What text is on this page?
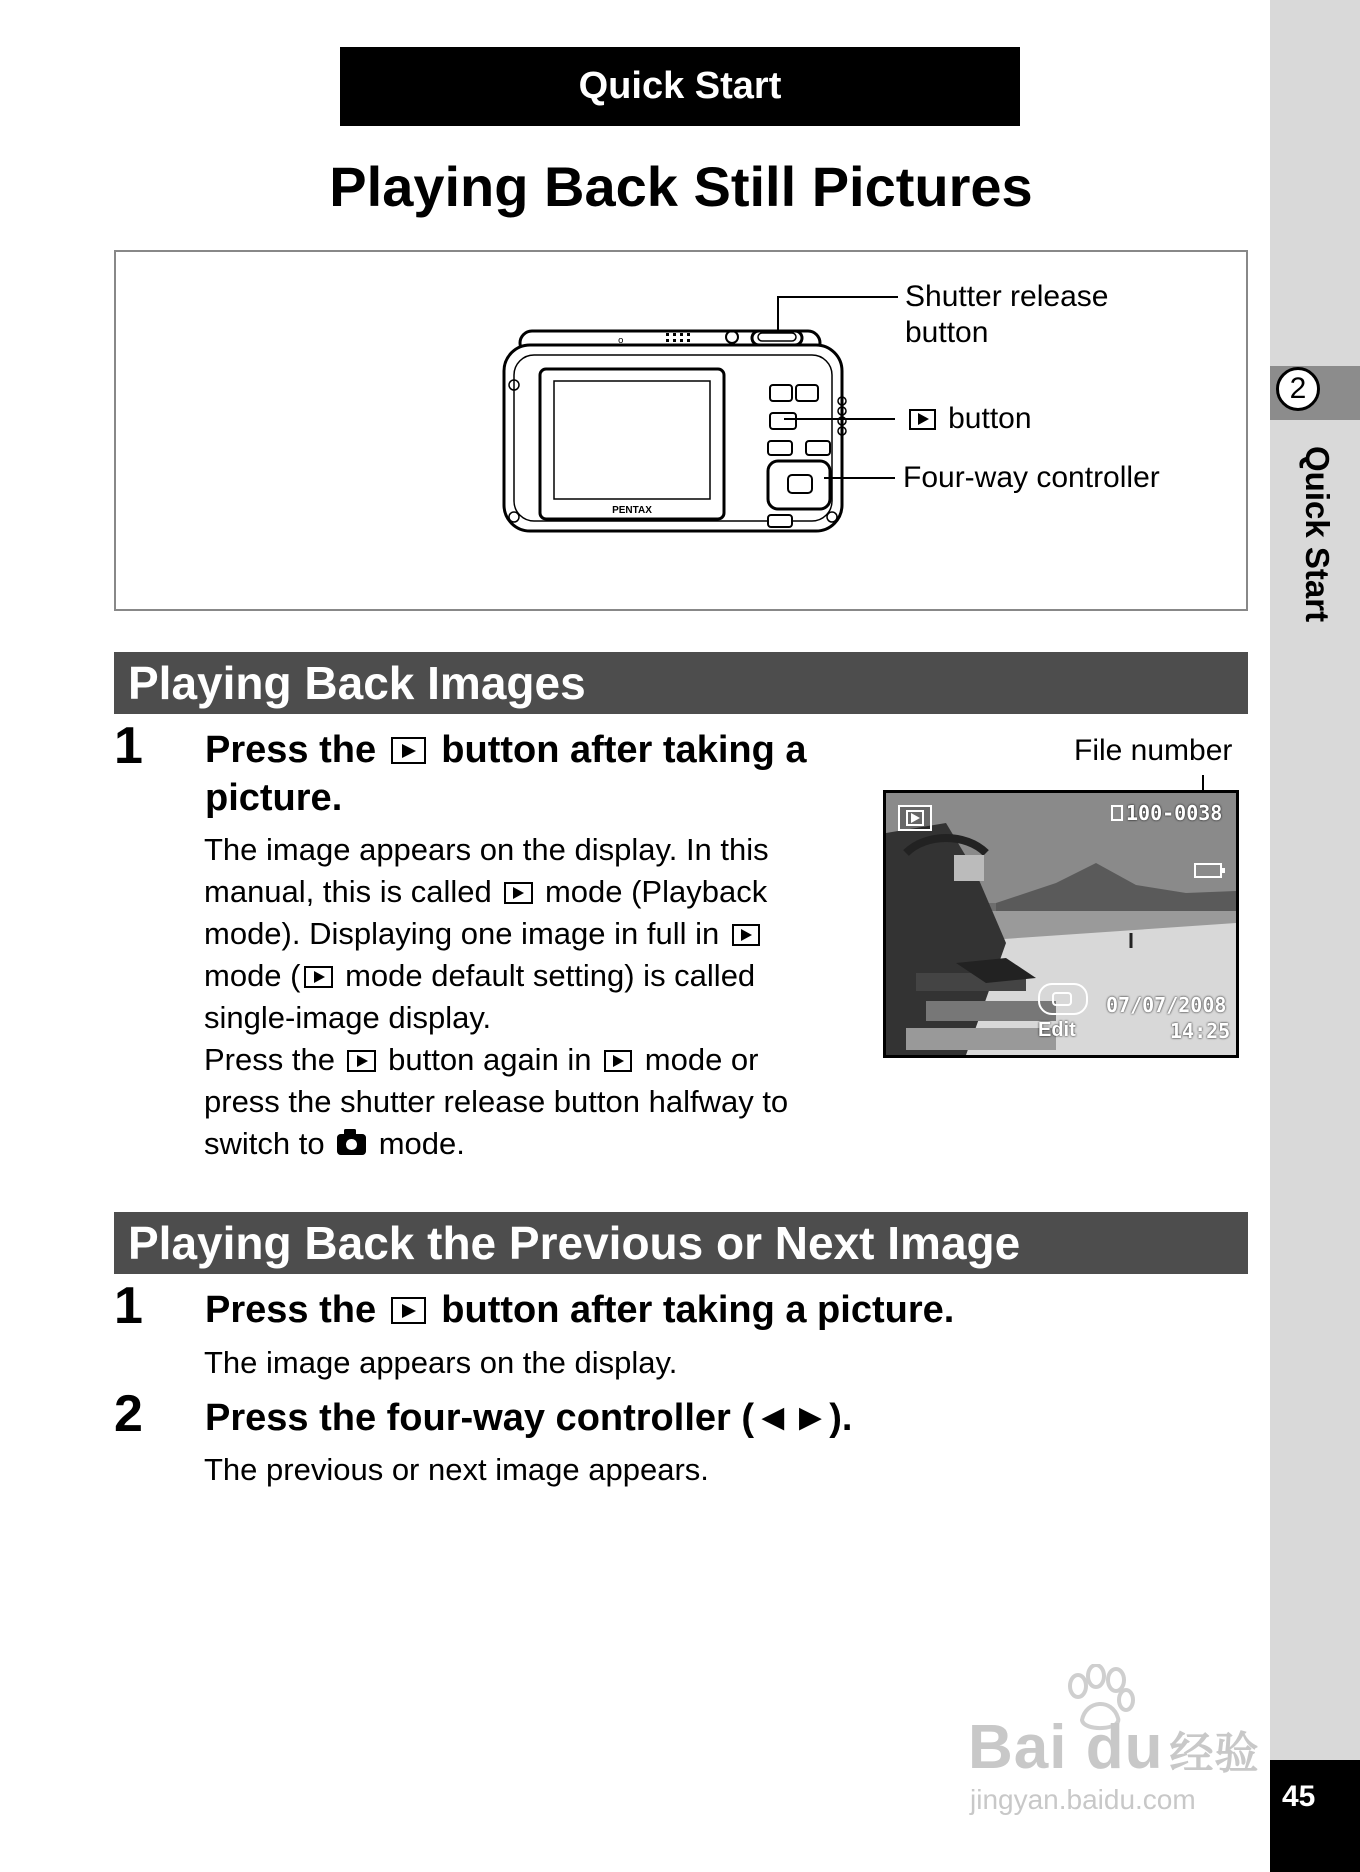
2
Quick Start
45
Quick Start
Playing Back Still Pictures
o
PENTAX
Shutter release
button
button
Four-way controller
Playing Back Images
1 Press the button after taking a
picture.
The image appears on the display. In this
manual, this is called mode (Playback
mode). Displaying one image in full in
mode ( mode default setting) is called
single-image display.
Press the button again in mode or
press the shutter release button halfway to
switch to mode.
File number
100-0038
Edit
07/07/2008
14:25
Playing Back the Previous or Next Image
1 Press the button after taking a picture.
The image appears on the display.
2 Press the four-way controller (◄►).
The previous or next image appears.
Bai du 经验
jingyan.baidu.com
